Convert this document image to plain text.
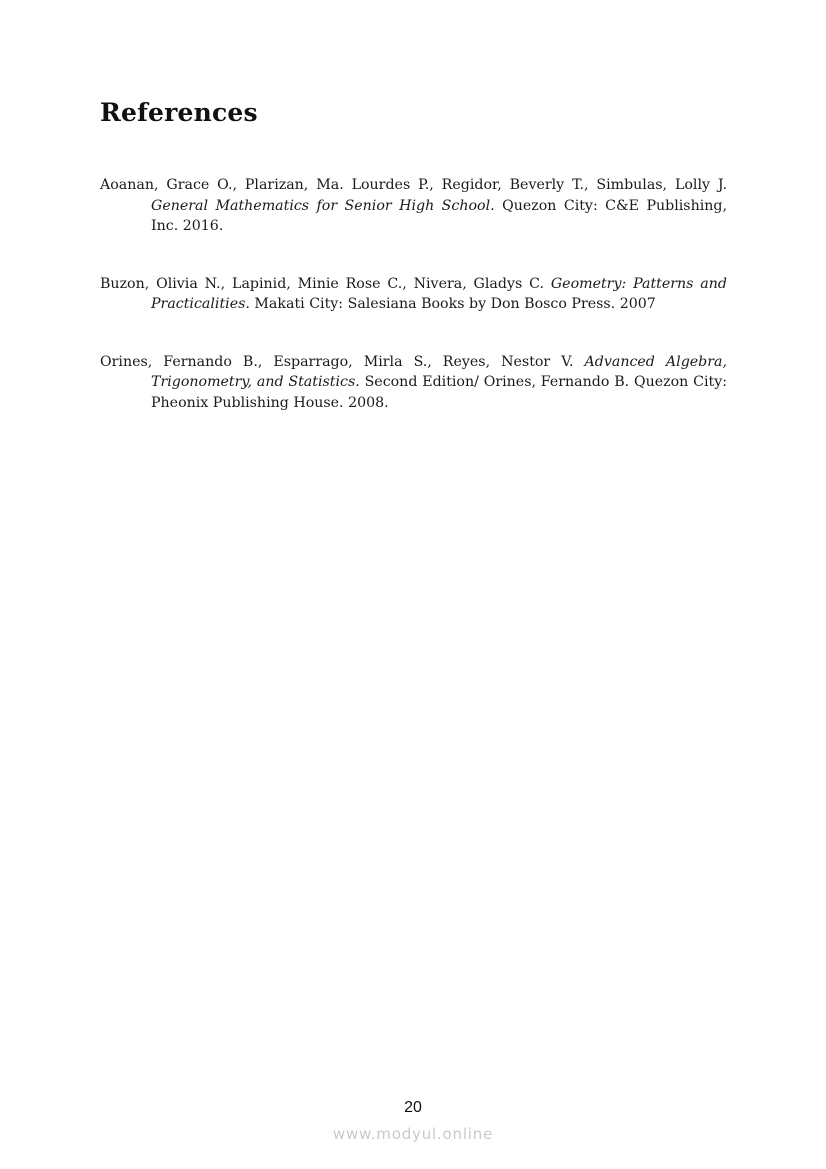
References
Aoanan, Grace O., Plarizan, Ma. Lourdes P., Regidor, Beverly T., Simbulas, Lolly J. General Mathematics for Senior High School. Quezon City: C&E Publishing, Inc. 2016.
Buzon, Olivia N., Lapinid, Minie Rose C., Nivera, Gladys C. Geometry: Patterns and Practicalities. Makati City: Salesiana Books by Don Bosco Press. 2007
Orines, Fernando B., Esparrago, Mirla S., Reyes, Nestor V. Advanced Algebra, Trigonometry, and Statistics. Second Edition/ Orines, Fernando B. Quezon City: Pheonix Publishing House. 2008.
20
www.modyul.online
